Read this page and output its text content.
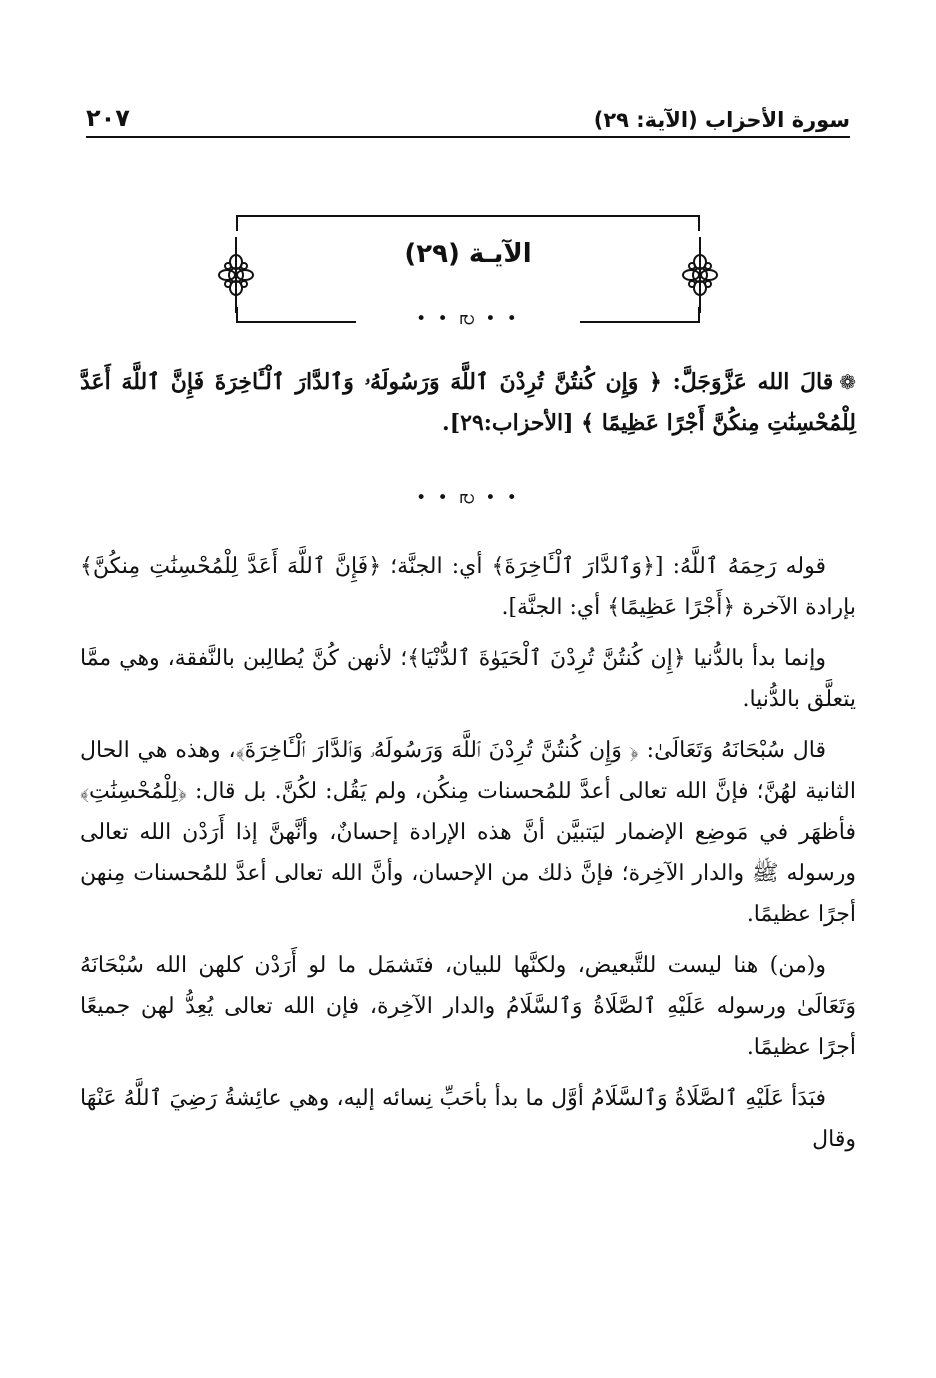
سورة الأحزاب (الآية: ٢٩)
٢٠٧
الآيـة (٢٩)
• • ൛ • •

❁قالَ الله عَزَّوَجَلَّ: ﴿ وَإِن كُنتُنَّ تُرِدْنَ ٱللَّهَ وَرَسُولَهُۥ وَٱلدَّارَ ٱلْـَٔاخِرَةَ فَإِنَّ ٱللَّهَ أَعَدَّ لِلْمُحْسِنَٰتِ مِنكُنَّ أَجْرًا عَظِيمًا ﴾ [الأحزاب:٢٩].

• • ൛ • •

قوله رَحِمَهُ ٱللَّهُ: [﴿وَٱلدَّارَ ٱلْـَٔاخِرَةَ﴾ أي: الجنَّة؛ ﴿فَإِنَّ ٱللَّهَ أَعَدَّ لِلْمُحْسِنَٰتِ مِنكُنَّ﴾ بإرادة الآخرة ﴿أَجْرًا عَظِيمًا﴾ أي: الجنَّة].

وإنما بدأ بالدُّنيا ﴿إِن كُنتُنَّ تُرِدْنَ ٱلْحَيَوٰةَ ٱلدُّنْيَا﴾؛ لأنهن كُنَّ يُطالِبن بالنَّفقة، وهي ممَّا يتعلَّق بالدُّنيا.

قال سُبْحَانَهُ وَتَعَالَىٰ: ﴿ وَإِن كُنتُنَّ تُرِدْنَ ٱللَّهَ وَرَسُولَهُۥ وَٱلدَّارَ ٱلْـَٔاخِرَةَ﴾، وهذه هي الحال الثانية لهُنَّ؛ فإنَّ الله تعالى أعدَّ للمُحسنات مِنكُن، ولم يَقُل: لكُنَّ. بل قال: ﴿لِلْمُحْسِنَٰتِ﴾ فأظهَر في مَوضِع الإضمار ليَتبيَّن أنَّ هذه الإرادة إحسانٌ، وأنَّهنَّ إذا أَرَدْن الله تعالى ورسوله ﷺ والدار الآخِرة؛ فإنَّ ذلك من الإحسان، وأنَّ الله تعالى أعدَّ للمُحسنات مِنهن أجرًا عظيمًا.

و(من) هنا ليست للتَّبعيض، ولكنَّها للبيان، فتَشمَل ما لو أَرَدْن كلهن الله سُبْحَانَهُ وَتَعَالَىٰ ورسوله عَلَيْهِ ٱلصَّلَاةُ وَٱلسَّلَامُ والدار الآخِرة، فإن الله تعالى يُعِدُّ لهن جميعًا أجرًا عظيمًا.

فبَدَأ عَلَيْهِ ٱلصَّلَاةُ وَٱلسَّلَامُ أوَّل ما بدأ بأحَبِّ نِسائه إليه، وهي عائِشةُ رَضِيَ ٱللَّهُ عَنْهَا وقال
